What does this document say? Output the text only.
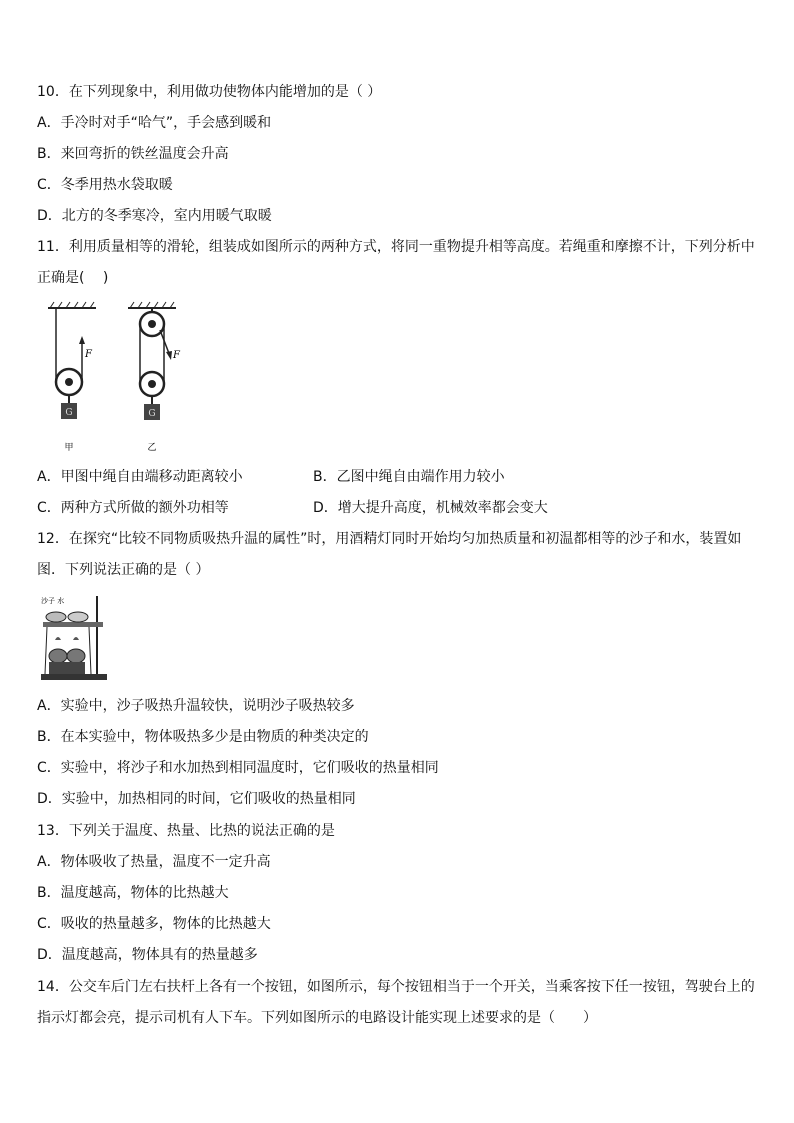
10．在下列现象中，利用做功使物体内能增加的是（ ）
A．手冷时对手“哈气”，手会感到暖和
B．来回弯折的铁丝温度会升高
C．冬季用热水袋取暖
D．北方的冬季寒冷，室内用暖气取暖
11．利用质量相等的滑轮，组装成如图所示的两种方式，将同一重物提升相等高度。若绳重和摩擦不计，下列分析中
正确是(　 )
G
F
甲
G
F
乙
A．甲图中绳自由端移动距离较小	B．乙图中绳自由端作用力较小
C．两种方式所做的额外功相等	D．增大提升高度，机械效率都会变大
12．在探究“比较不同物质吸热升温的属性”时，用酒精灯同时开始均匀加热质量和初温都相等的沙子和水，装置如
图．下列说法正确的是（ ）
沙子 水
A．实验中，沙子吸热升温较快，说明沙子吸热较多
B．在本实验中，物体吸热多少是由物质的种类决定的
C．实验中，将沙子和水加热到相同温度时，它们吸收的热量相同
D．实验中，加热相同的时间，它们吸收的热量相同
13．下列关于温度、热量、比热的说法正确的是
A．物体吸收了热量，温度不一定升高
B．温度越高，物体的比热越大
C．吸收的热量越多，物体的比热越大
D．温度越高，物体具有的热量越多
14．公交车后门左右扶杆上各有一个按钮，如图所示，每个按钮相当于一个开关，当乘客按下任一按钮，驾驶台上的
指示灯都会亮，提示司机有人下车。下列如图所示的电路设计能实现上述要求的是（　　）
